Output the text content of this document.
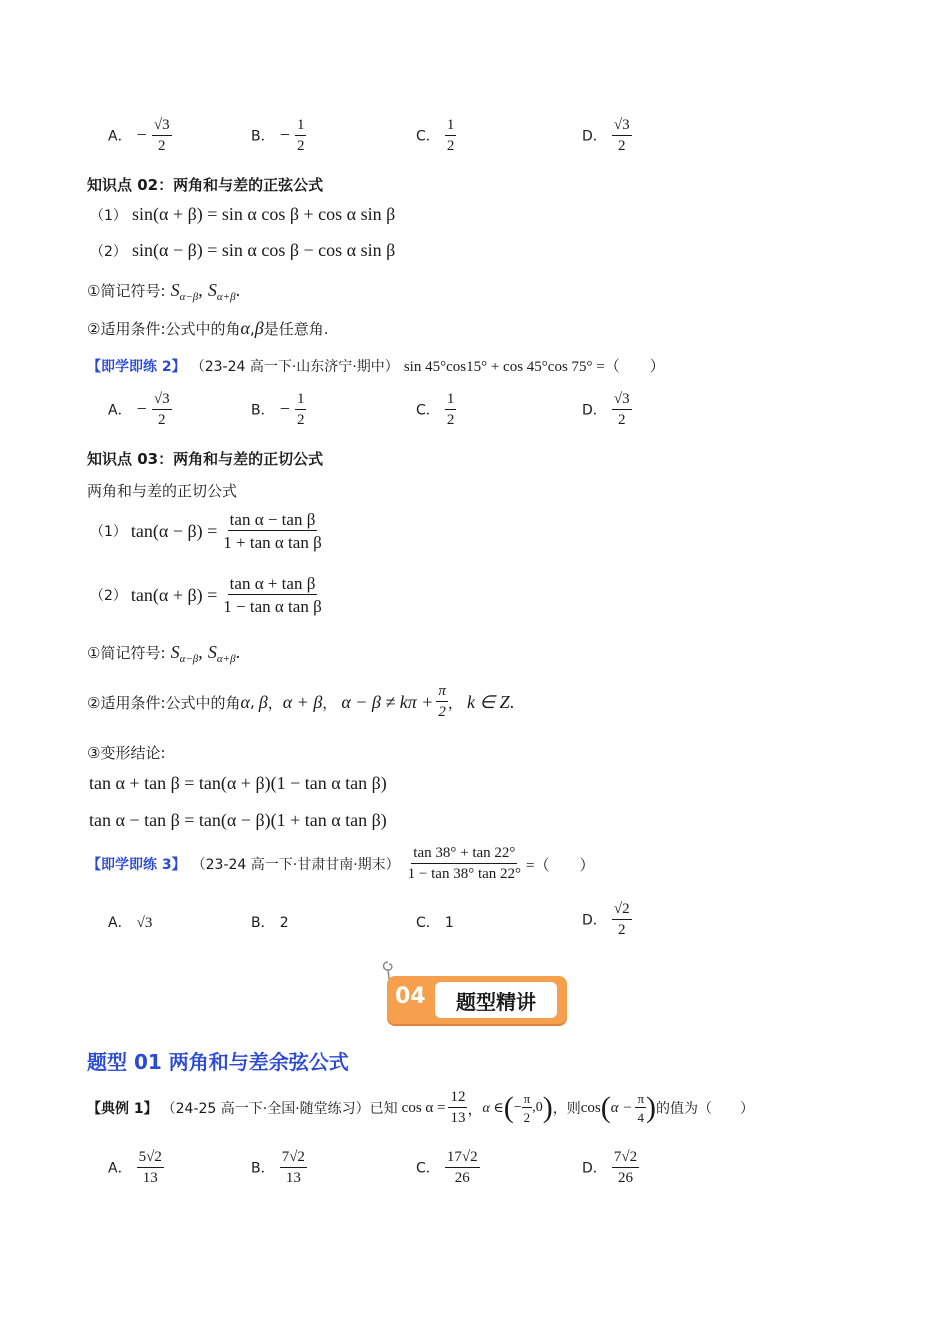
A． − $\frac{√3}{2}$	B． − $\frac{1}{2}$	C． $\frac{1}{2}$	D． $\frac{√3}{2}$
知识点 02：两角和与差的正弦公式
（1） sin(α + β) = sin α cos β + cos α sin β
（2） sin(α − β) = sin α cos β − cos α sin β
①简记符号: $S_{\alpha-\beta}$, $S_{\alpha+\beta}$.
②适用条件:公式中的角α,β是任意角.
【即学即练 2】 （23-24 高一下·山东济宁·期中） sin 45°cos15° + cos 45°cos 75° =（　　）
A． − $\frac{√3}{2}$	B． − $\frac{1}{2}$	C． $\frac{1}{2}$	D． $\frac{√3}{2}$
知识点 03：两角和与差的正切公式
两角和与差的正切公式
（1） $\tan(\alpha - \beta) = \frac{\text{tan α − tan β}}{\text{1 + tan α tan β}}$
（2） $\tan(\alpha + \beta) = \frac{\text{tan α + tan β}}{\text{1 − tan α tan β}}$
①简记符号: $S_{\alpha-\beta}$, $S_{\alpha+\beta}$.
②适用条件:公式中的角 α , β ， α + β ， $\alpha - \beta \ne k\pi + \frac{\pi}{2}$ ， k ∈ Z .
③变形结论:
tan α + tan β = tan(α + β)(1 − tan α tan β)
tan α − tan β = tan(α − β)(1 + tan α tan β)
【即学即练 3】 （23-24 高一下·甘肃甘南·期末） $\frac{\tan 38^\circ + \tan 22^\circ}{1 - \tan 38^\circ \tan 22^\circ}$ =（　　）
A． √3	B． 2	C． 1	D． $\frac{√2}{2}$
04 题型精讲
题型 01 两角和与差余弦公式
【典例 1】 （24-25 高一下·全国·随堂练习）已知 $\cos \alpha = \frac{12}{13}$ ， α ∈ ( − $\frac{\pi}{2} ,0$ ) ，则 cos ( $\alpha - \frac{\pi}{4}$ ) 的值为（　　）
A． $\frac{5√2}{13}$	B． $\frac{7√2}{13}$	C． $\frac{17√2}{26}$	D． $\frac{7√2}{26}$
